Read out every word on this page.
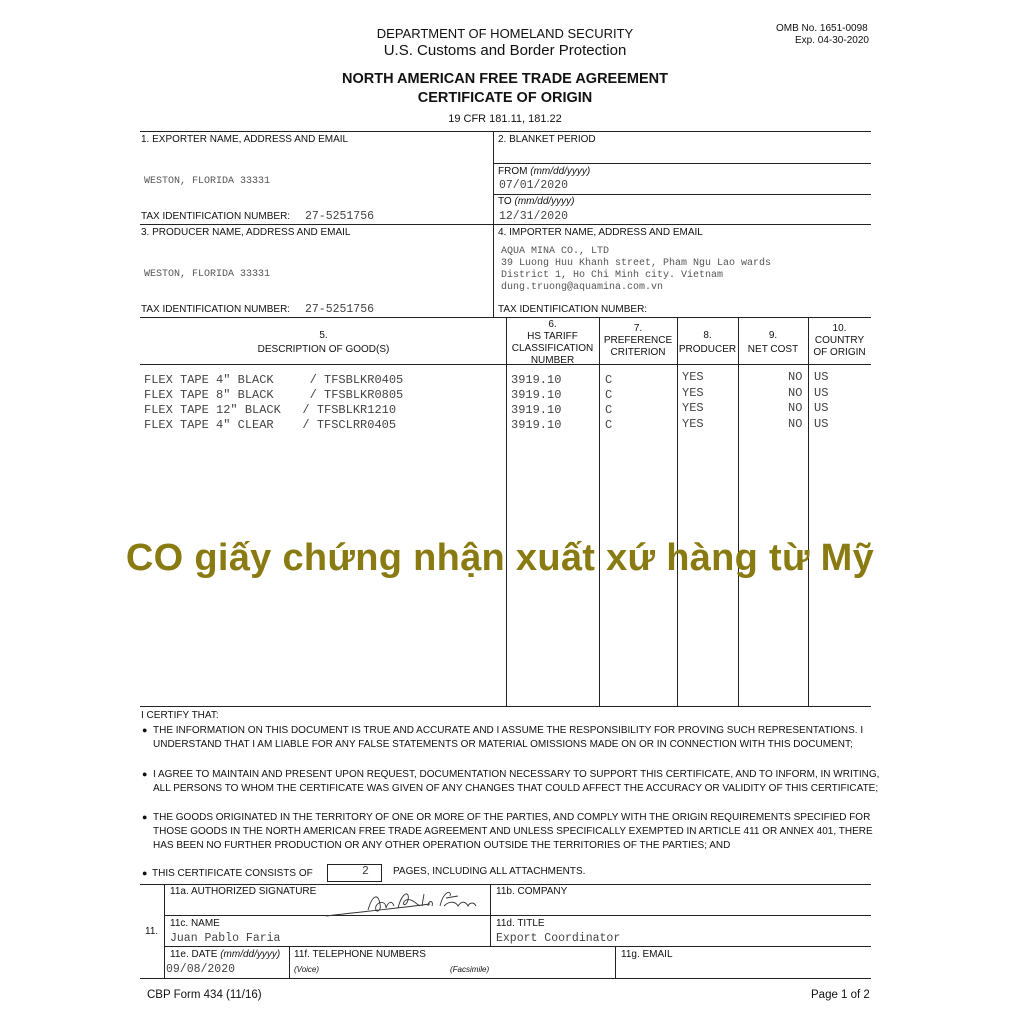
DEPARTMENT OF HOMELAND SECURITY
U.S. Customs and Border Protection
OMB No. 1651-0098
Exp. 04-30-2020
NORTH AMERICAN FREE TRADE AGREEMENT
CERTIFICATE OF ORIGIN
19 CFR 181.11, 181.22
1. EXPORTER NAME, ADDRESS AND EMAIL
WESTON, FLORIDA 33331
TAX IDENTIFICATION NUMBER: 27-5251756
2. BLANKET PERIOD
FROM (mm/dd/yyyy)
07/01/2020
TO (mm/dd/yyyy)
12/31/2020
3. PRODUCER NAME, ADDRESS AND EMAIL
WESTON, FLORIDA 33331
TAX IDENTIFICATION NUMBER: 27-5251756
4. IMPORTER NAME, ADDRESS AND EMAIL
AQUA MINA CO., LTD
39 Luong Huu Khanh street, Pham Ngu Lao wards
District 1, Ho Chi Minh city. Vietnam
dung.truong@aquamina.com.vn
TAX IDENTIFICATION NUMBER:
5.
DESCRIPTION OF GOOD(S)
6.
HS TARIFF
CLASSIFICATION
NUMBER
7.
PREFERENCE
CRITERION
8.
PRODUCER
9.
NET COST
10.
COUNTRY
OF ORIGIN
FLEX TAPE 4" BLACK     / TFSBLKR0405	3919.10	C	YES	NO US
FLEX TAPE 8" BLACK     / TFSBLKR0805	3919.10	C	YES	NO US
FLEX TAPE 12" BLACK   / TFSBLKR1210	3919.10	C	YES	NO US
FLEX TAPE 4" CLEAR    / TFSCLRR0405	3919.10	C	YES	NO US
CO giấy chứng nhận xuất xứ hàng từ Mỹ
I CERTIFY THAT:
● THE INFORMATION ON THIS DOCUMENT IS TRUE AND ACCURATE AND I ASSUME THE RESPONSIBILITY FOR PROVING SUCH REPRESENTATIONS. I UNDERSTAND THAT I AM LIABLE FOR ANY FALSE STATEMENTS OR MATERIAL OMISSIONS MADE ON OR IN CONNECTION WITH THIS DOCUMENT;
● I AGREE TO MAINTAIN AND PRESENT UPON REQUEST, DOCUMENTATION NECESSARY TO SUPPORT THIS CERTIFICATE, AND TO INFORM, IN WRITING, ALL PERSONS TO WHOM THE CERTIFICATE WAS GIVEN OF ANY CHANGES THAT COULD AFFECT THE ACCURACY OR VALIDITY OF THIS CERTIFICATE;
● THE GOODS ORIGINATED IN THE TERRITORY OF ONE OR MORE OF THE PARTIES, AND COMPLY WITH THE ORIGIN REQUIREMENTS SPECIFIED FOR THOSE GOODS IN THE NORTH AMERICAN FREE TRADE AGREEMENT AND UNLESS SPECIFICALLY EXEMPTED IN ARTICLE 411 OR ANNEX 401, THERE HAS BEEN NO FURTHER PRODUCTION OR ANY OTHER OPERATION OUTSIDE THE TERRITORIES OF THE PARTIES; AND
● THIS CERTIFICATE CONSISTS OF	2 PAGES, INCLUDING ALL ATTACHMENTS.
11.
11a. AUTHORIZED SIGNATURE	11b. COMPANY
11c. NAME
Juan Pablo Faria
11d. TITLE
Export Coordinator
11e. DATE (mm/dd/yyyy)
09/08/2020
11f. TELEPHONE NUMBERS
(Voice)	(Facsimile)
11g. EMAIL
CBP Form 434 (11/16)	Page 1 of 2
